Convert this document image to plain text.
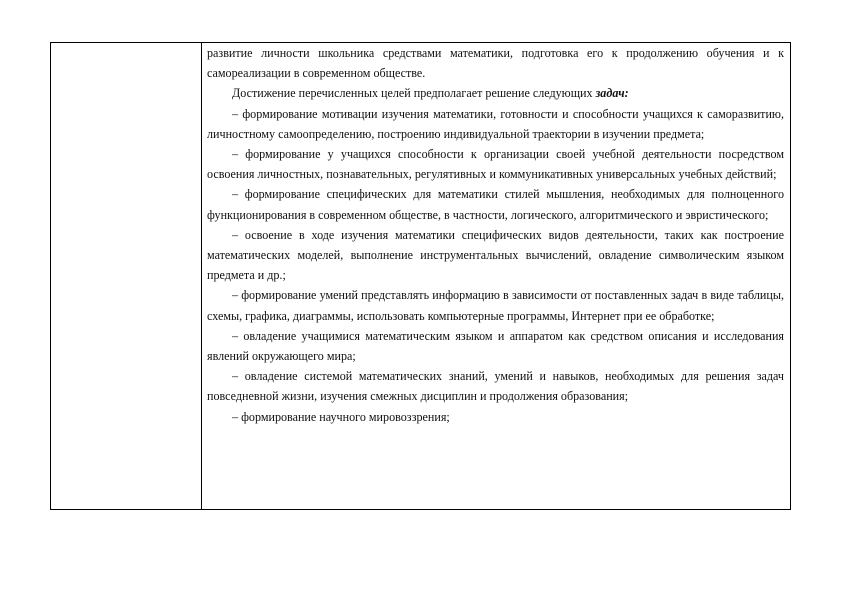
развитие личности школьника средствами математики, подготовка его к продолжению обучения и к самореализации в современном обществе.

Достижение перечисленных целей предполагает решение следующих задач:

– формирование мотивации изучения математики, готовности и способности учащихся к саморазвитию, личностному самоопределению, построению индивидуальной траектории в изучении предмета;

– формирование у учащихся способности к организации своей учебной деятельности посредством освоения личностных, познавательных, регулятивных и коммуникативных универсальных учебных действий;

– формирование специфических для математики стилей мышления, необходимых для полноценного функционирования в современном обществе, в частности, логического, алгоритмического и эвристического;

– освоение в ходе изучения математики специфических видов деятельности, таких как построение математических моделей, выполнение инструментальных вычислений, овладение символическим языком предмета и др.;

– формирование умений представлять информацию в зависимости от поставленных задач в виде таблицы, схемы, графика, диаграммы, использовать компьютерные программы, Интернет при ее обработке;

– овладение учащимися математическим языком и аппаратом как средством описания и исследования явлений окружающего мира;

– овладение системой математических знаний, умений и навыков, необходимых для решения задач повседневной жизни, изучения смежных дисциплин и продолжения образования;

– формирование научного мировоззрения;
